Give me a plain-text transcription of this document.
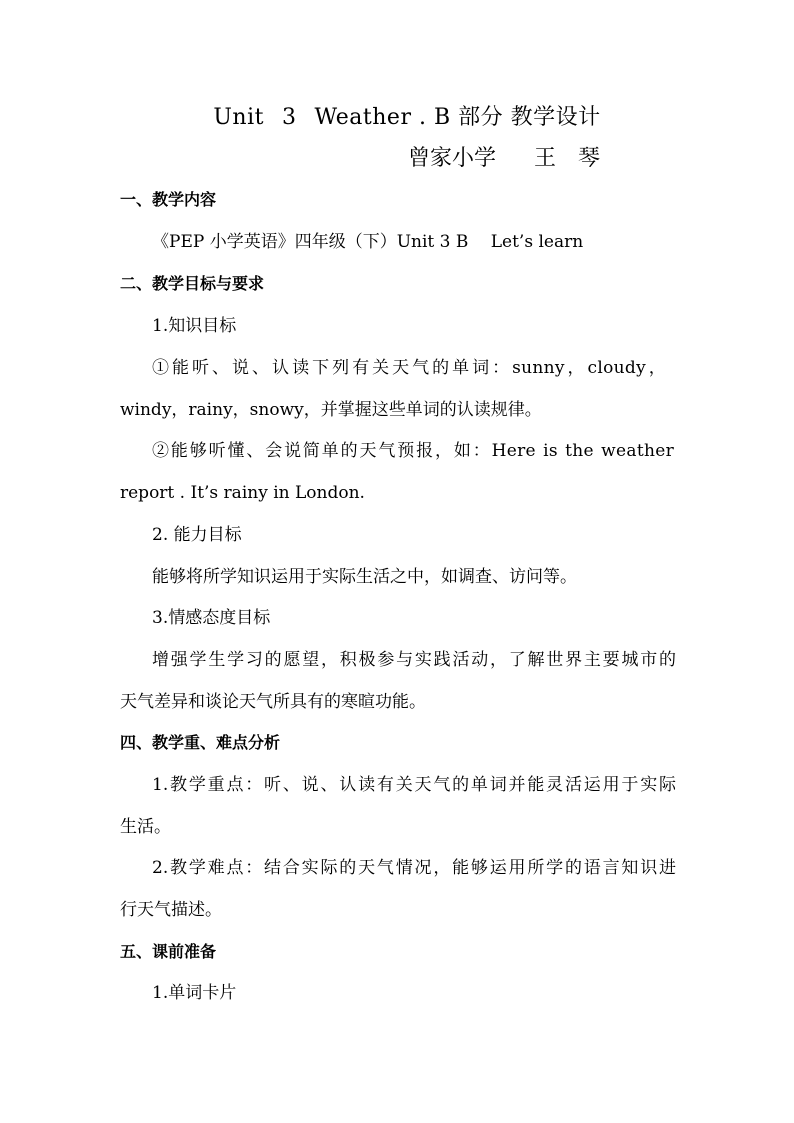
Unit 3 Weather . B 部分 教学设计
曾家小学 王　琴
一、教学内容
《PEP 小学英语》四年级（下）Unit 3 B　 Let’s learn
二、教学目标与要求
1.知识目标
①能听、说、认读下列有关天气的单词：sunny，cloudy，
windy，rainy，snowy，并掌握这些单词的认读规律。
②能够听懂、会说简单的天气预报，如：Here is the weather
report . It’s rainy in London.
2. 能力目标
能够将所学知识运用于实际生活之中，如调查、访问等。
3.情感态度目标
增强学生学习的愿望，积极参与实践活动，了解世界主要城市的
天气差异和谈论天气所具有的寒暄功能。
四、教学重、难点分析
1.教学重点：听、说、认读有关天气的单词并能灵活运用于实际
生活。
2.教学难点：结合实际的天气情况，能够运用所学的语言知识进
行天气描述。
五、课前准备
1.单词卡片
